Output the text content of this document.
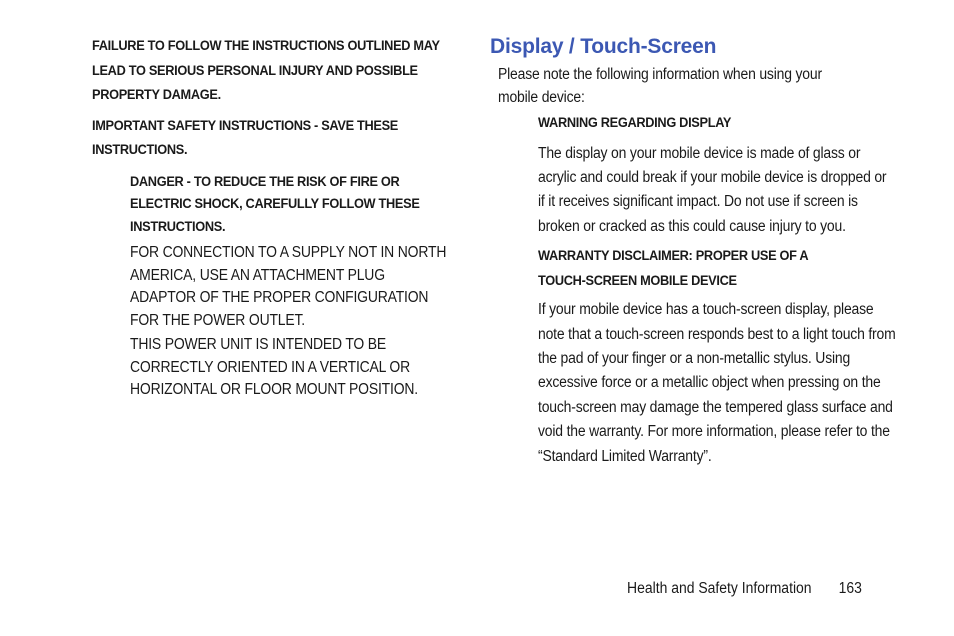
FAILURE TO FOLLOW THE INSTRUCTIONS OUTLINED MAY LEAD TO SERIOUS PERSONAL INJURY AND POSSIBLE PROPERTY DAMAGE.

IMPORTANT SAFETY INSTRUCTIONS - SAVE THESE INSTRUCTIONS.

DANGER - TO REDUCE THE RISK OF FIRE OR ELECTRIC SHOCK, CAREFULLY FOLLOW THESE INSTRUCTIONS.

FOR CONNECTION TO A SUPPLY NOT IN NORTH AMERICA, USE AN ATTACHMENT PLUG ADAPTOR OF THE PROPER CONFIGURATION FOR THE POWER OUTLET.

THIS POWER UNIT IS INTENDED TO BE CORRECTLY ORIENTED IN A VERTICAL OR HORIZONTAL OR FLOOR MOUNT POSITION.

Display / Touch-Screen

Please note the following information when using your mobile device:

WARNING REGARDING DISPLAY

The display on your mobile device is made of glass or acrylic and could break if your mobile device is dropped or if it receives significant impact. Do not use if screen is broken or cracked as this could cause injury to you.

WARRANTY DISCLAIMER: PROPER USE OF A TOUCH-SCREEN MOBILE DEVICE

If your mobile device has a touch-screen display, please note that a touch-screen responds best to a light touch from the pad of your finger or a non-metallic stylus. Using excessive force or a metallic object when pressing on the touch-screen may damage the tempered glass surface and void the warranty. For more information, please refer to the “Standard Limited Warranty”.

Health and Safety Information 163
